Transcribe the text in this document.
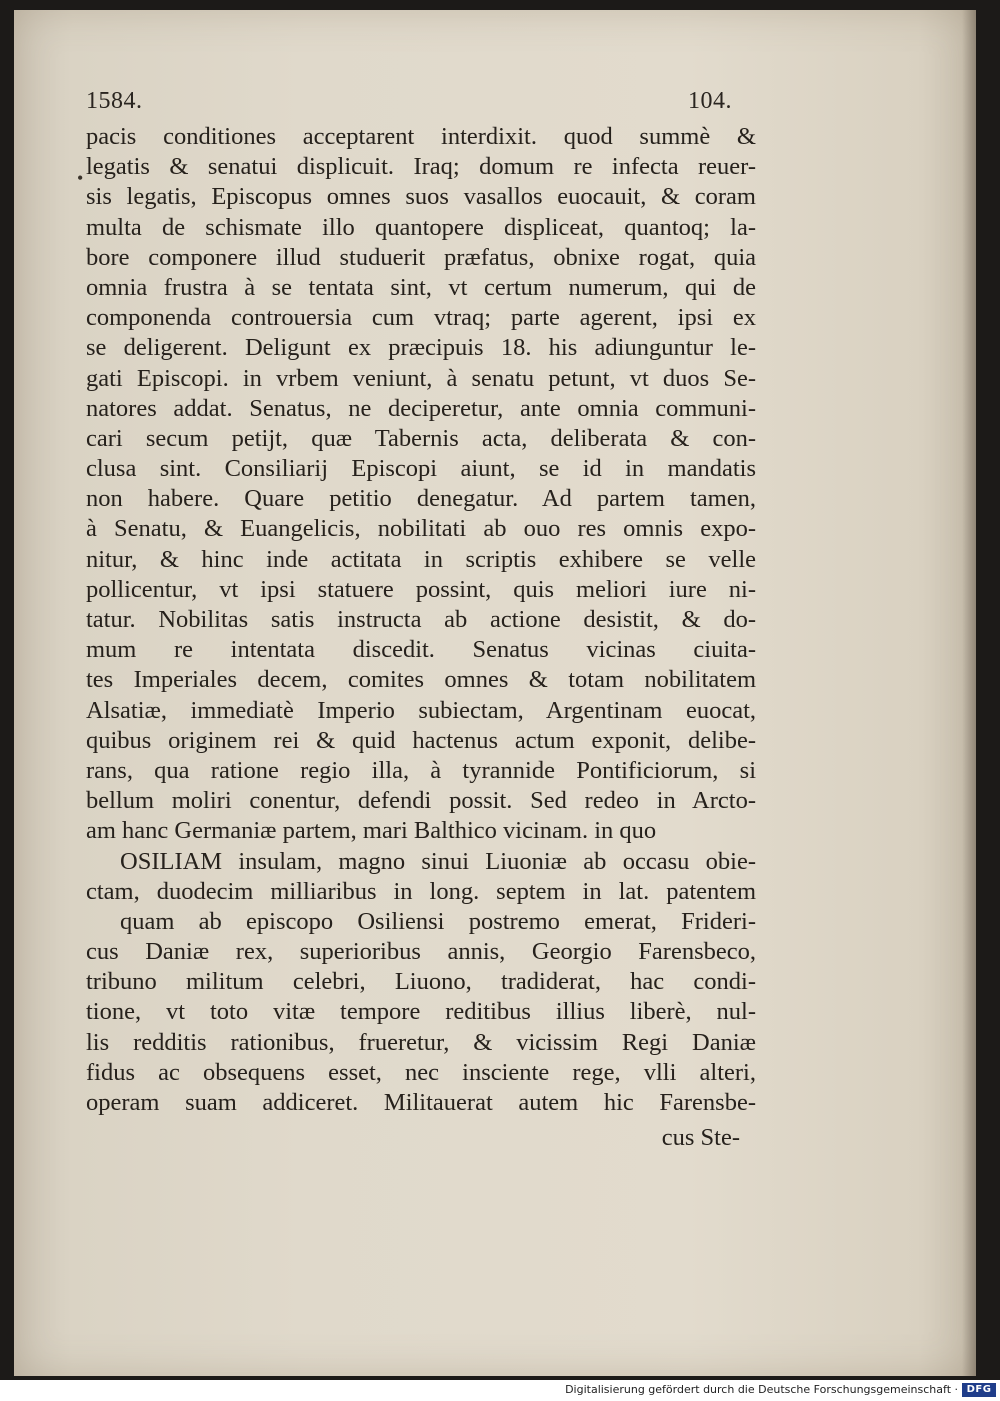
1584.	104.
•
pacis conditiones acceptarent interdixit. quod summè &
legatis & senatui displicuit. Iraq; domum re infecta reuer-
sis legatis, Episcopus omnes suos vasallos euocauit, & coram
multa de schismate illo quantopere displiceat, quantoq; la-
bore componere illud studuerit præfatus, obnixe rogat, quia
omnia frustra à se tentata sint, vt certum numerum, qui de
componenda controuersia cum vtraq; parte agerent, ipsi ex
se deligerent. Deligunt ex præcipuis 18. his adiunguntur le-
gati Episcopi. in vrbem veniunt, à senatu petunt, vt duos Se-
natores addat. Senatus, ne deciperetur, ante omnia communi-
cari secum petijt, quæ Tabernis acta, deliberata & con-
clusa sint. Consiliarij Episcopi aiunt, se id in mandatis
non habere. Quare petitio denegatur. Ad partem tamen,
à Senatu, & Euangelicis, nobilitati ab ouo res omnis expo-
nitur, & hinc inde actitata in scriptis exhibere se velle
pollicentur, vt ipsi statuere possint, quis meliori iure ni-
tatur. Nobilitas satis instructa ab actione desistit, & do-
mum re intentata discedit. Senatus vicinas ciuita-
tes Imperiales decem, comites omnes & totam nobilitatem
Alsatiæ, immediatè Imperio subiectam, Argentinam euocat,
quibus originem rei & quid hactenus actum exponit, delibe-
rans, qua ratione regio illa, à tyrannide Pontificiorum, si
bellum moliri conentur, defendi possit. Sed redeo in Arcto-
am hanc Germaniæ partem, mari Balthico vicinam. in quo
OSILIAM insulam, magno sinui Liuoniæ ab occasu obie-
ctam, duodecim milliaribus in long. septem in lat. patentem
quam ab episcopo Osiliensi postremo emerat, Frideri-
cus Daniæ rex, superioribus annis, Georgio Farensbeco,
tribuno militum celebri, Liuono, tradiderat, hac condi-
tione, vt toto vitæ tempore reditibus illius liberè, nul-
lis redditis rationibus, frueretur, & vicissim Regi Daniæ
fidus ac obsequens esset, nec insciente rege, vlli alteri,
operam suam addiceret. Militauerat autem hic Farensbe-
cus Ste-
Digitalisierung gefördert durch die Deutsche Forschungsgemeinschaft · DFG
